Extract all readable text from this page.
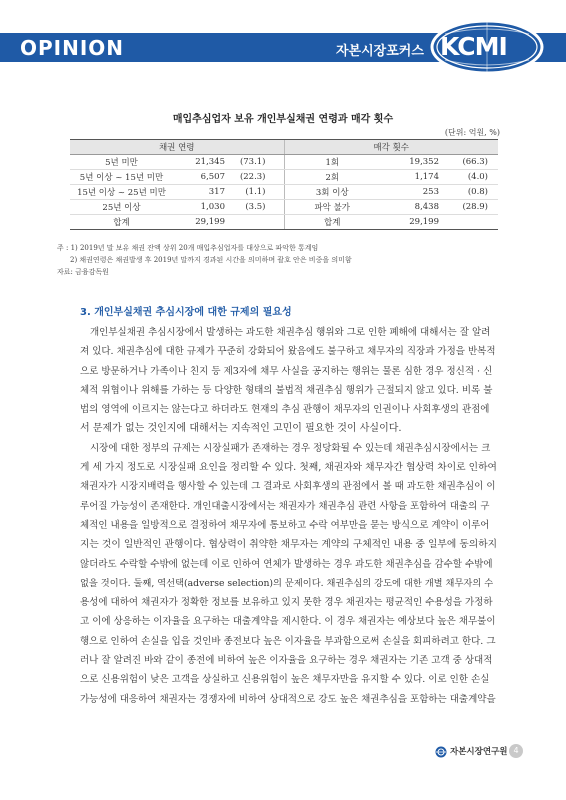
OPINION	자본시장포커스 KCMI
매입추심업자 보유 개인부실채권 연령과 매각 횟수
(단위: 억원, %)
채권 연령			매각 횟수		
5년 미만	21,345	(73.1)	1회	19,352	(66.3)
5년 이상 ~ 15년 미만	6,507	(22.3)	2회	1,174	(4.0)
15년 이상 ~ 25년 미만	317	(1.1)	3회 이상	253	(0.8)
25년 이상	1,030	(3.5)	파악 불가	8,438	(28.9)
합계	29,199		합계	29,199	
주 : 1) 2019년 말 보유 채권 잔액 상위 20개 매입추심업자를 대상으로 파악한 통계임
2) 채권연령은 채권발생 후 2019년 말까지 경과된 시간을 의미하며 괄호 안은 비중을 의미함
자료: 금융감독원
3. 개인부실채권 추심시장에 대한 규제의 필요성
개인부실채권 추심시장에서 발생하는 과도한 채권추심 행위와 그로 인한 폐해에 대해서는 잘 알려
져 있다. 채권추심에 대한 규제가 꾸준히 강화되어 왔음에도 불구하고 채무자의 직장과 가정을 반복적
으로 방문하거나 가족이나 친지 등 제3자에 채무 사실을 공지하는 행위는 물론 심한 경우 정신적 · 신
체적 위협이나 위해를 가하는 등 다양한 형태의 불법적 채권추심 행위가 근절되지 않고 있다. 비록 불
법의 영역에 이르지는 않는다고 하더라도 현재의 추심 관행이 채무자의 인권이나 사회후생의 관점에
서 문제가 없는 것인지에 대해서는 지속적인 고민이 필요한 것이 사실이다.
시장에 대한 정부의 규제는 시장실패가 존재하는 경우 정당화될 수 있는데 채권추심시장에서는 크
게 세 가지 정도로 시장실패 요인을 정리할 수 있다. 첫째, 채권자와 채무자간 협상력 차이로 인하여
채권자가 시장지배력을 행사할 수 있는데 그 결과로 사회후생의 관점에서 볼 때 과도한 채권추심이 이
루어질 가능성이 존재한다. 개인대출시장에서는 채권자가 채권추심 관련 사항을 포함하여 대출의 구
체적인 내용을 일방적으로 결정하여 채무자에 통보하고 수락 여부만을 묻는 방식으로 계약이 이루어
지는 것이 일반적인 관행이다. 협상력이 취약한 채무자는 계약의 구체적인 내용 중 일부에 동의하지
않더라도 수락할 수밖에 없는데 이로 인하여 연체가 발생하는 경우 과도한 채권추심을 감수할 수밖에
없을 것이다. 둘째, 역선택(adverse selection)의 문제이다. 채권추심의 강도에 대한 개별 채무자의 수
용성에 대하여 채권자가 정확한 정보를 보유하고 있지 못한 경우 채권자는 평균적인 수용성을 가정하
고 이에 상응하는 이자율을 요구하는 대출계약을 제시한다. 이 경우 채권자는 예상보다 높은 채무불이
행으로 인하여 손실을 입을 것인바 종전보다 높은 이자율을 부과함으로써 손실을 회피하려고 한다. 그
러나 잘 알려진 바와 같이 종전에 비하여 높은 이자율을 요구하는 경우 채권자는 기존 고객 중 상대적
으로 신용위험이 낮은 고객을 상실하고 신용위험이 높은 채무자만을 유지할 수 있다. 이로 인한 손실
가능성에 대응하여 채권자는 경쟁자에 비하여 상대적으로 강도 높은 채권추심을 포함하는 대출계약을
자본시장연구원 4
